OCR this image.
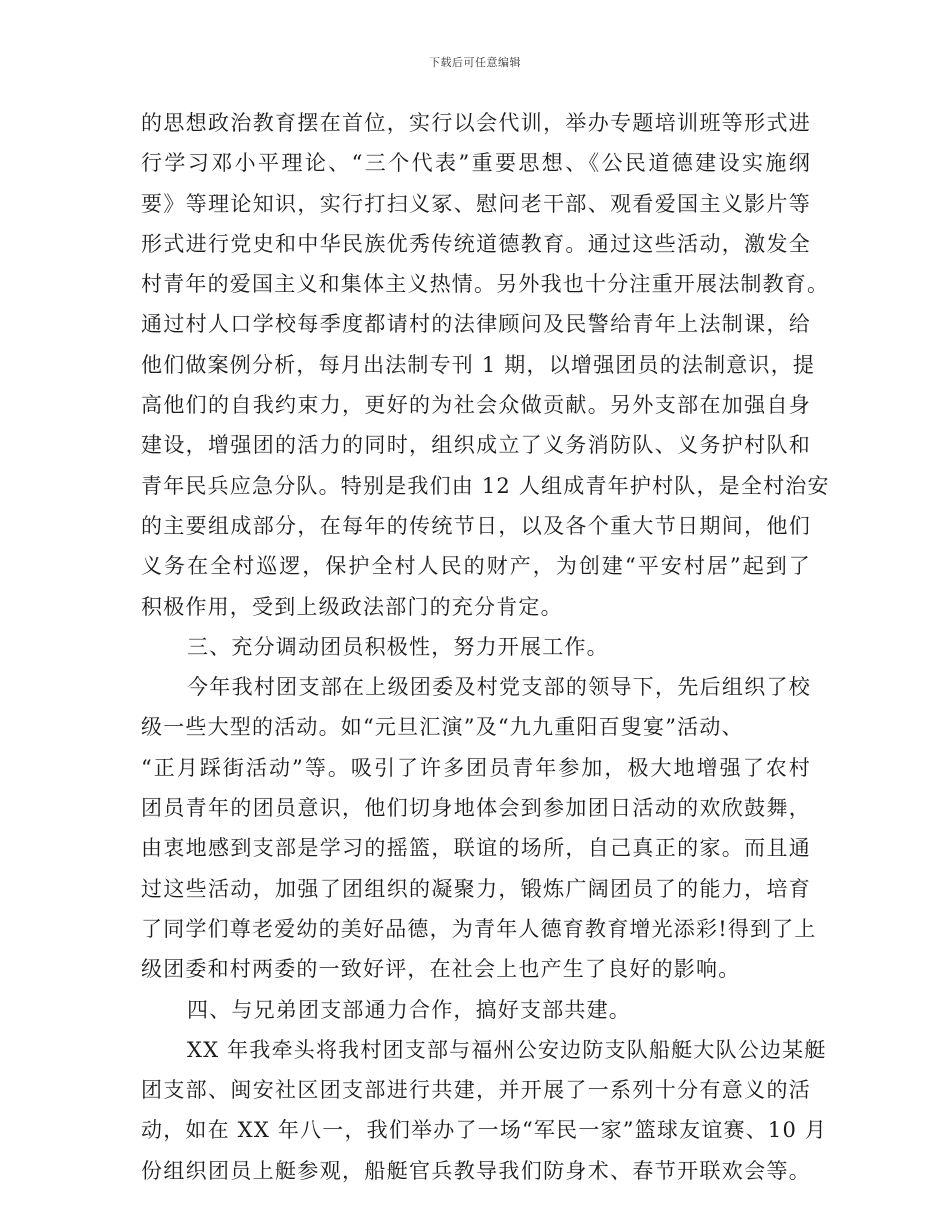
下载后可任意编辑
的思想政治教育摆在首位，实行以会代训，举办专题培训班等形式进
行学习邓小平理论、“三个代表”重要思想、《公民道德建设实施纲
要》等理论知识，实行打扫义冢、慰问老干部、观看爱国主义影片等
形式进行党史和中华民族优秀传统道德教育。通过这些活动，激发全
村青年的爱国主义和集体主义热情。另外我也十分注重开展法制教育。
通过村人口学校每季度都请村的法律顾问及民警给青年上法制课，给
他们做案例分析，每月出法制专刊 1 期，以增强团员的法制意识，提
高他们的自我约束力，更好的为社会众做贡献。另外支部在加强自身
建设，增强团的活力的同时，组织成立了义务消防队、义务护村队和
青年民兵应急分队。特别是我们由 12 人组成青年护村队，是全村治安
的主要组成部分，在每年的传统节日，以及各个重大节日期间，他们
义务在全村巡逻，保护全村人民的财产，为创建“平安村居”起到了
积极作用，受到上级政法部门的充分肯定。
三、充分调动团员积极性，努力开展工作。
今年我村团支部在上级团委及村党支部的领导下，先后组织了校
级一些大型的活动。如“元旦汇演”及“九九重阳百叟宴”活动、
“正月踩街活动”等。吸引了许多团员青年参加，极大地增强了农村
团员青年的团员意识，他们切身地体会到参加团日活动的欢欣鼓舞，
由衷地感到支部是学习的摇篮，联谊的场所，自己真正的家。而且通
过这些活动，加强了团组织的凝聚力，锻炼广阔团员了的能力，培育
了同学们尊老爱幼的美好品德，为青年人德育教育增光添彩!得到了上
级团委和村两委的一致好评，在社会上也产生了良好的影响。
四、与兄弟团支部通力合作，搞好支部共建。
XX 年我牵头将我村团支部与福州公安边防支队船艇大队公边某艇
团支部、闽安社区团支部进行共建，并开展了一系列十分有意义的活
动，如在 XX 年八一，我们举办了一场“军民一家”篮球友谊赛、10 月
份组织团员上艇参观，船艇官兵教导我们防身术、春节开联欢会等。
